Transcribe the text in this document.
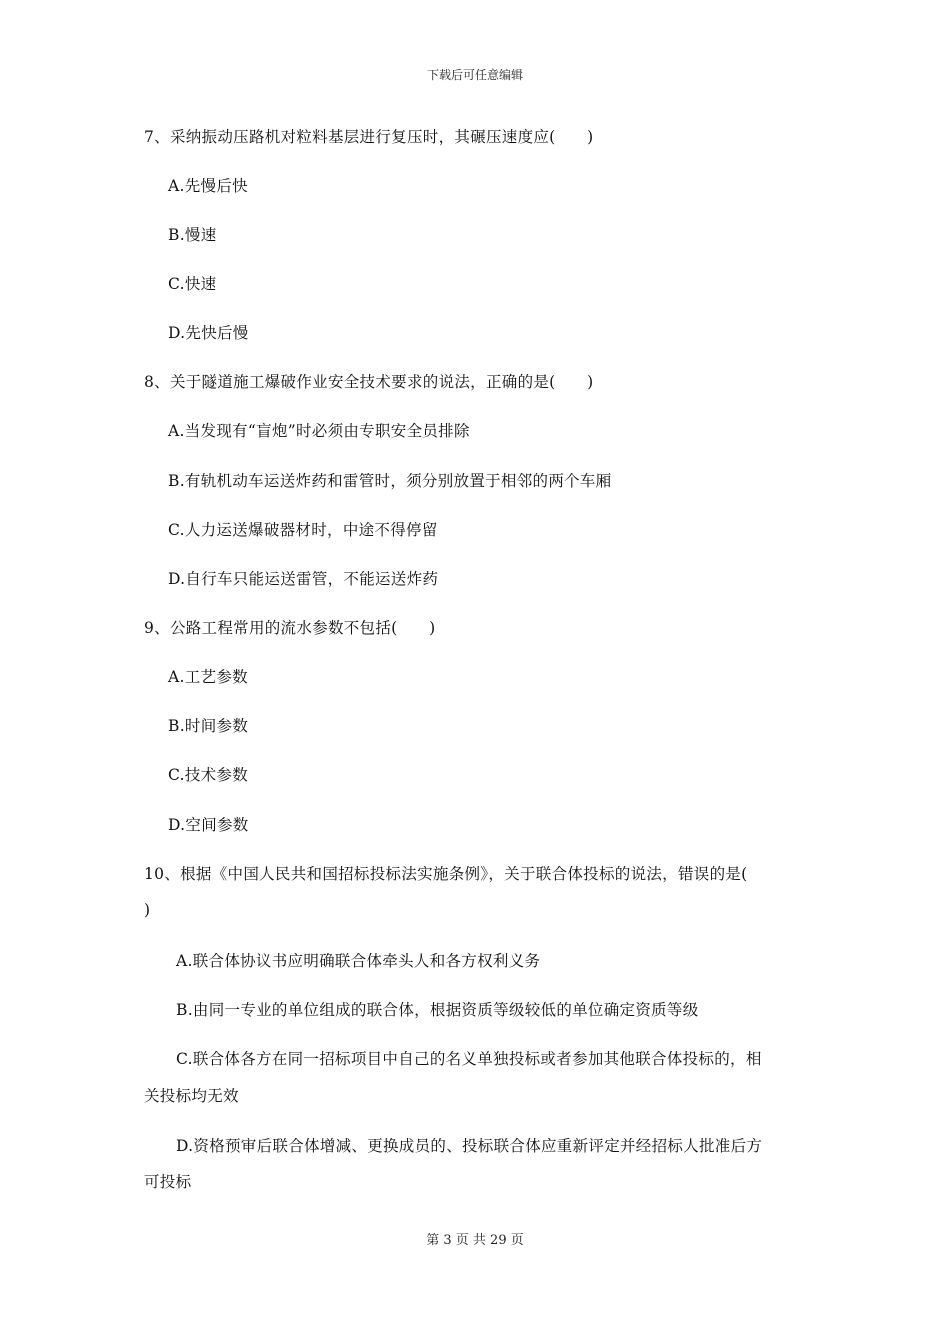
下载后可任意编辑
7、采纳振动压路机对粒料基层进行复压时，其碾压速度应(　　)
A.先慢后快
B.慢速
C.快速
D.先快后慢
8、关于隧道施工爆破作业安全技术要求的说法，正确的是(　　)
A.当发现有“盲炮”时必须由专职安全员排除
B.有轨机动车运送炸药和雷管时，须分别放置于相邻的两个车厢
C.人力运送爆破器材时，中途不得停留
D.自行车只能运送雷管，不能运送炸药
9、公路工程常用的流水参数不包括(　　)
A.工艺参数
B.时间参数
C.技术参数
D.空间参数
10、根据《中国人民共和国招标投标法实施条例》，关于联合体投标的说法，错误的是(
)
A.联合体协议书应明确联合体牵头人和各方权利义务
B.由同一专业的单位组成的联合体，根据资质等级较低的单位确定资质等级
C.联合体各方在同一招标项目中自己的名义单独投标或者参加其他联合体投标的，相
关投标均无效
D.资格预审后联合体增减、更换成员的、投标联合体应重新评定并经招标人批准后方
可投标
第 3 页 共 29 页
